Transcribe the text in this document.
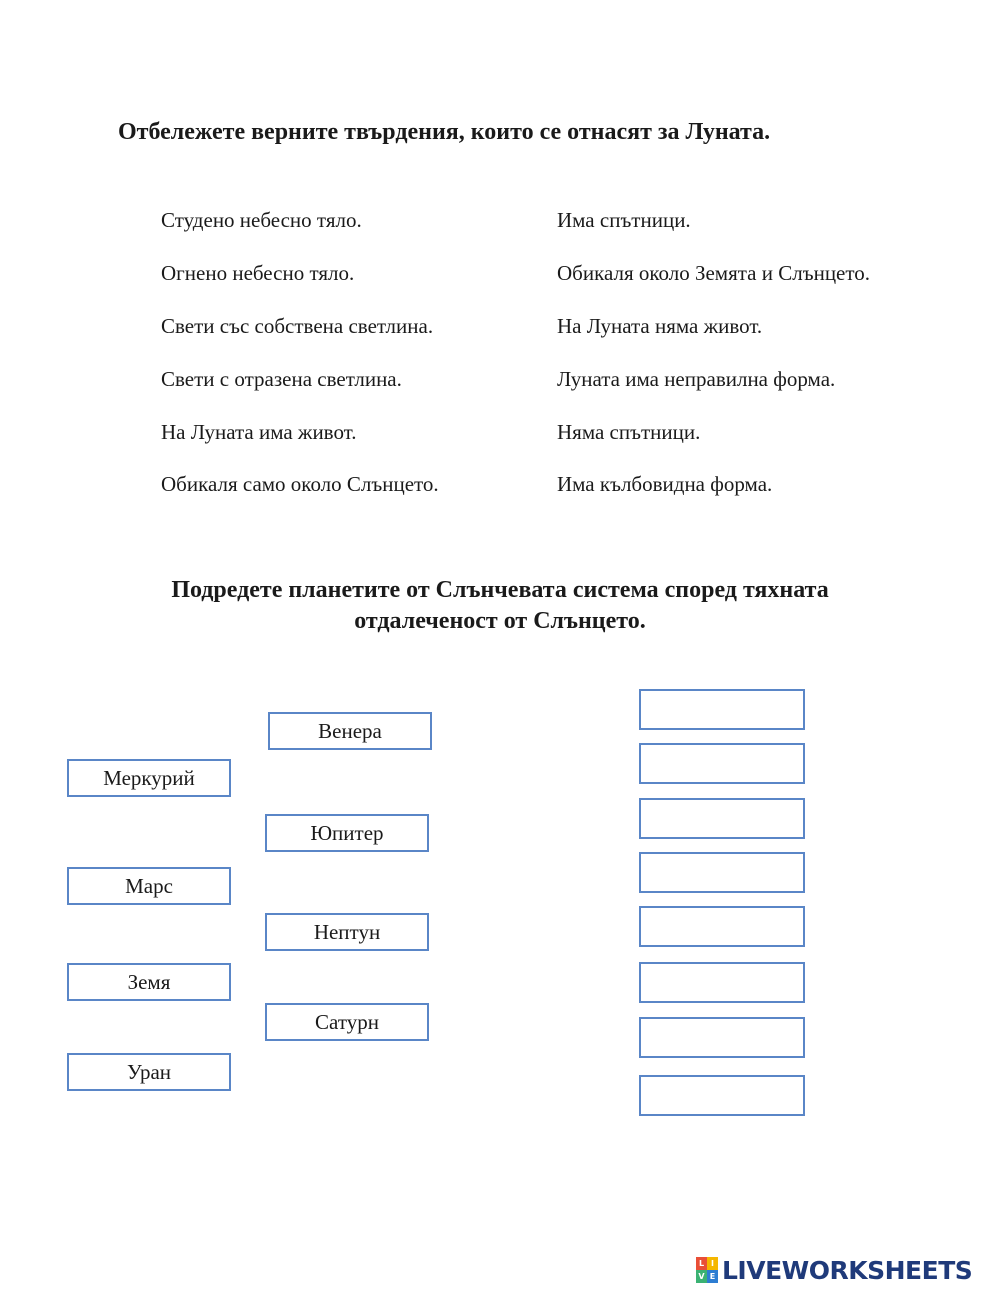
Отбележете верните твърдения, които се отнасят за Луната.
Студено небесно тяло.
Огнено небесно тяло.
Свети със собствена светлина.
Свети с отразена светлина.
На Луната има живот.
Обикаля само около Слънцето.
Има спътници.
Обикаля около Земята и Слънцето.
На Луната няма живот.
Луната има неправилна форма.
Няма спътници.
Има кълбовидна форма.
Подредете планетите от Слънчевата система според тяхната
отдалеченост от Слънцето.
Венера
Меркурий
Юпитер
Марс
Нептун
Земя
Сатурн
Уран
L I
V E LIVEWORKSHEETS
